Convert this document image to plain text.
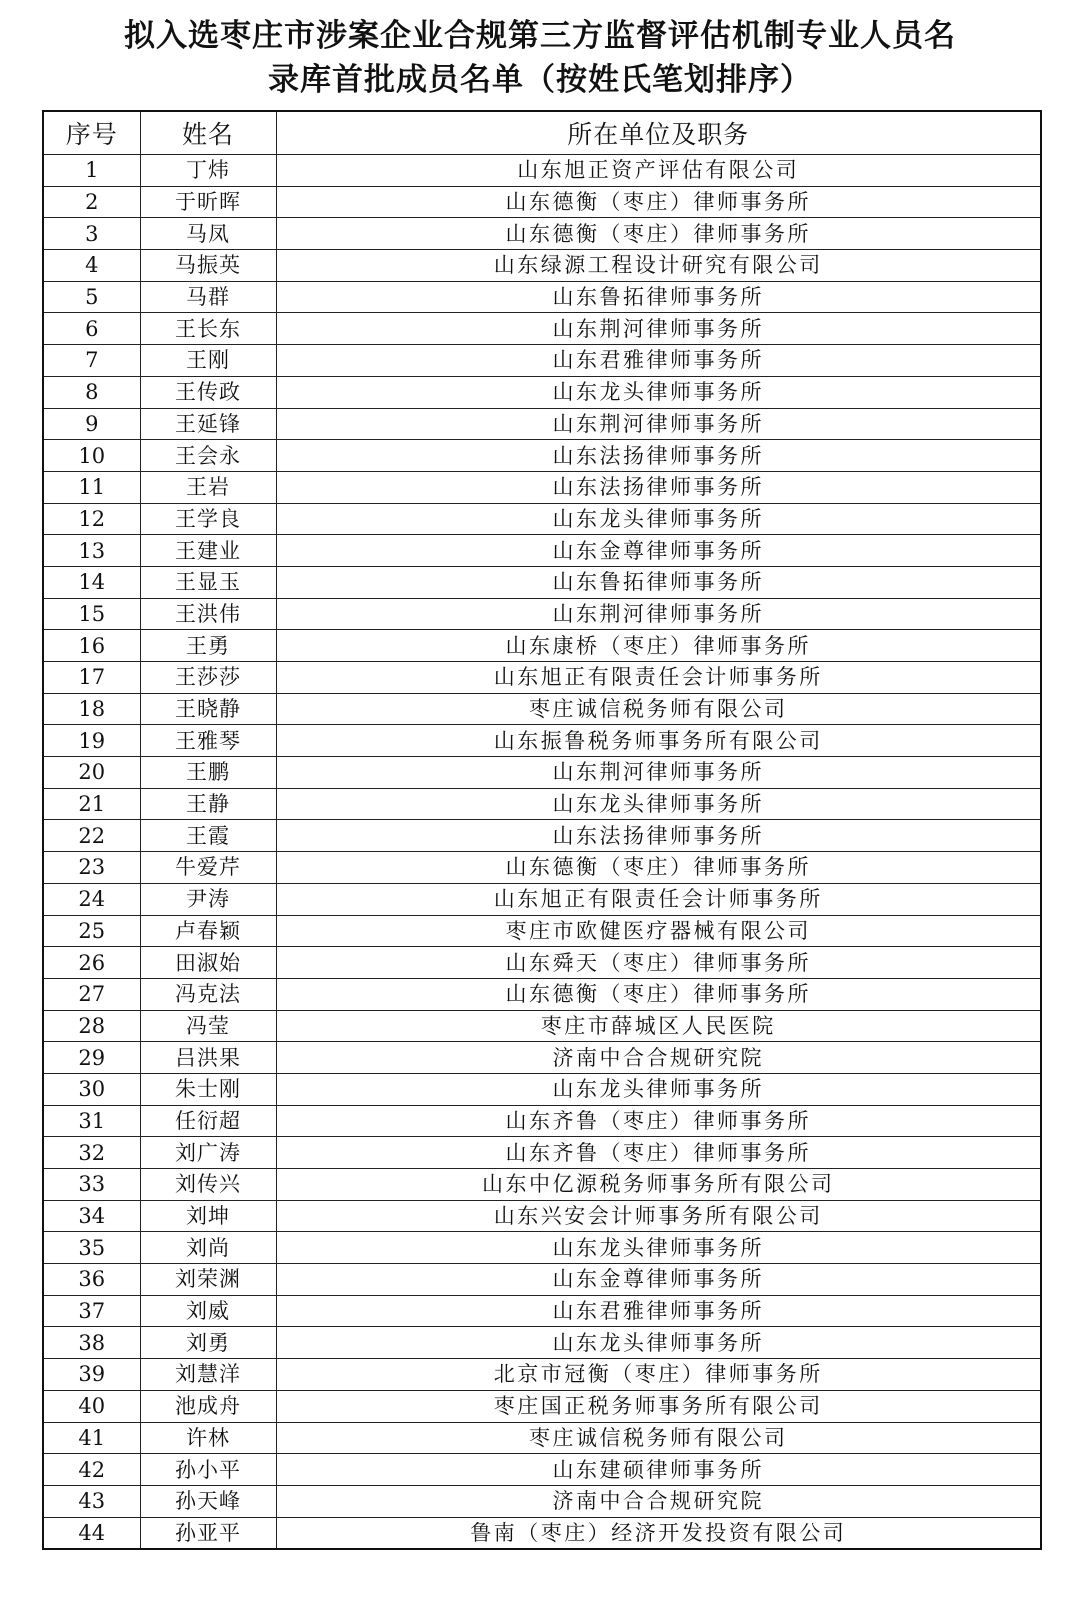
拟入选枣庄市涉案企业合规第三方监督评估机制专业人员名
录库首批成员名单（按姓氏笔划排序）
序号	姓名	所在单位及职务
1	丁炜	山东旭正资产评估有限公司
2	于昕晖	山东德衡（枣庄）律师事务所
3	马凤	山东德衡（枣庄）律师事务所
4	马振英	山东绿源工程设计研究有限公司
5	马群	山东鲁拓律师事务所
6	王长东	山东荆河律师事务所
7	王刚	山东君雅律师事务所
8	王传政	山东龙头律师事务所
9	王延锋	山东荆河律师事务所
10	王会永	山东法扬律师事务所
11	王岩	山东法扬律师事务所
12	王学良	山东龙头律师事务所
13	王建业	山东金尊律师事务所
14	王显玉	山东鲁拓律师事务所
15	王洪伟	山东荆河律师事务所
16	王勇	山东康桥（枣庄）律师事务所
17	王莎莎	山东旭正有限责任会计师事务所
18	王晓静	枣庄诚信税务师有限公司
19	王雅琴	山东振鲁税务师事务所有限公司
20	王鹏	山东荆河律师事务所
21	王静	山东龙头律师事务所
22	王霞	山东法扬律师事务所
23	牛爱芹	山东德衡（枣庄）律师事务所
24	尹涛	山东旭正有限责任会计师事务所
25	卢春颖	枣庄市欧健医疗器械有限公司
26	田淑始	山东舜天（枣庄）律师事务所
27	冯克法	山东德衡（枣庄）律师事务所
28	冯莹	枣庄市薛城区人民医院
29	吕洪果	济南中合合规研究院
30	朱士刚	山东龙头律师事务所
31	任衍超	山东齐鲁（枣庄）律师事务所
32	刘广涛	山东齐鲁（枣庄）律师事务所
33	刘传兴	山东中亿源税务师事务所有限公司
34	刘坤	山东兴安会计师事务所有限公司
35	刘尚	山东龙头律师事务所
36	刘荣渊	山东金尊律师事务所
37	刘威	山东君雅律师事务所
38	刘勇	山东龙头律师事务所
39	刘慧洋	北京市冠衡（枣庄）律师事务所
40	池成舟	枣庄国正税务师事务所有限公司
41	许林	枣庄诚信税务师有限公司
42	孙小平	山东建硕律师事务所
43	孙天峰	济南中合合规研究院
44	孙亚平	鲁南（枣庄）经济开发投资有限公司
